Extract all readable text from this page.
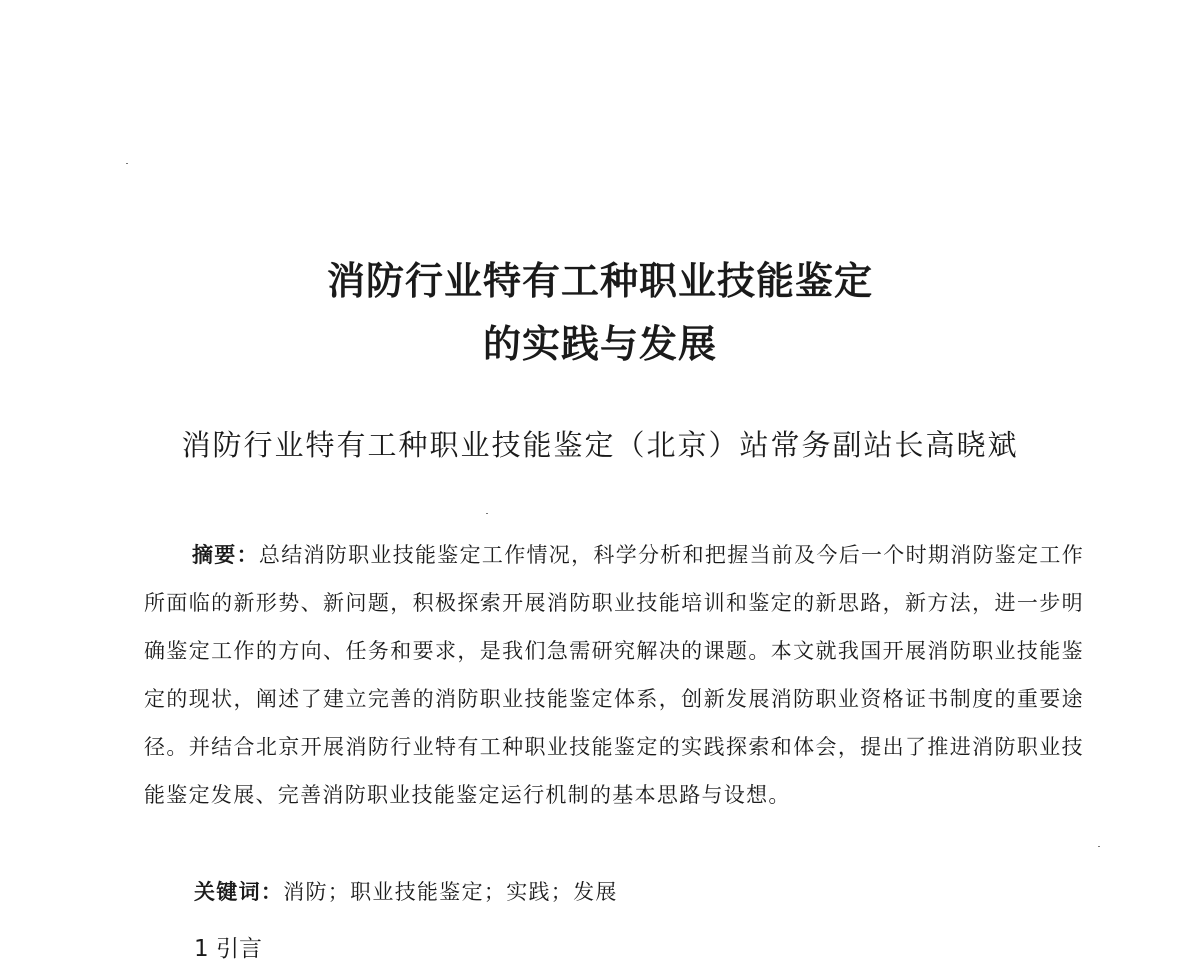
消防行业特有工种职业技能鉴定
的实践与发展
消防行业特有工种职业技能鉴定（北京）站常务副站长高晓斌
摘要：总结消防职业技能鉴定工作情况，科学分析和把握当前及今后一个时期消防鉴定工作所面临的新形势、新问题，积极探索开展消防职业技能培训和鉴定的新思路，新方法，进一步明确鉴定工作的方向、任务和要求，是我们急需研究解决的课题。本文就我国开展消防职业技能鉴定的现状，阐述了建立完善的消防职业技能鉴定体系，创新发展消防职业资格证书制度的重要途径。并结合北京开展消防行业特有工种职业技能鉴定的实践探索和体会，提出了推进消防职业技能鉴定发展、完善消防职业技能鉴定运行机制的基本思路与设想。
关键词：消防；职业技能鉴定；实践；发展
1 引言
